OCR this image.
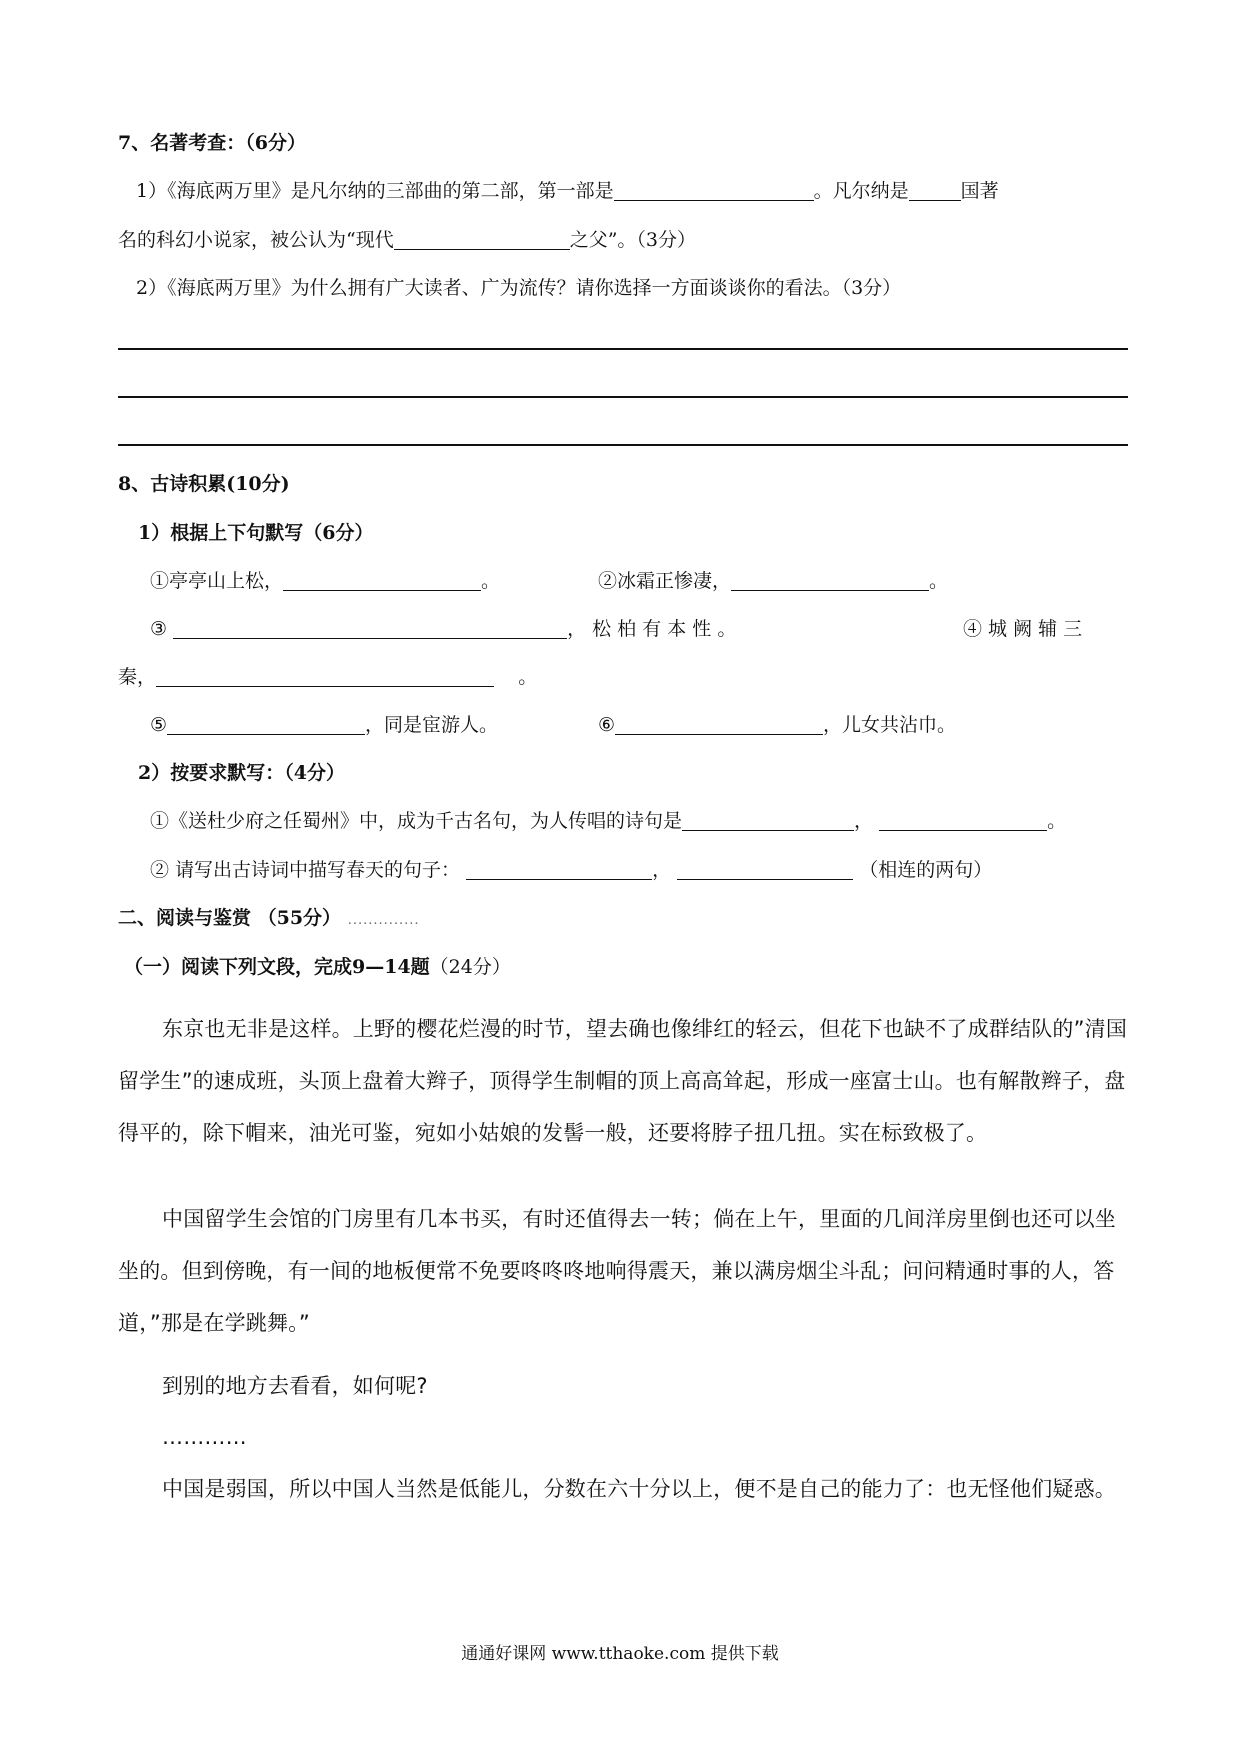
7、名著考查：（6分）
1）《海底两万里》是凡尔纳的三部曲的第二部，第一部是	。凡尔纳是	国著
名的科幻小说家，被公认为“现代	之父”。（3分）
2）《海底两万里》为什么拥有广大读者、广为流传？请你选择一方面谈谈你的看法。（3分）
8、古诗积累(10分)
1）根据上下句默写（6分）
①亭亭山上松，	。	②冰霜正惨凄，	。
③	， 松 柏 有 本 性 。	④ 城 阙 辅 三
秦，	。
⑤	，同是宦游人。	⑥	，儿女共沾巾。
2）按要求默写：（4分）
①《送杜少府之任蜀州》中，成为千古名句，为人传唱的诗句是	，	。
② 请写出古诗词中描写春天的句子：	，	（相连的两句）
二、阅读与鉴赏 （55分） ..............
（一）阅读下列文段，完成9—14题（24分）
东京也无非是这样。上野的樱花烂漫的时节，望去确也像绯红的轻云，但花下也缺不了成群结队的”清国留学生”的速成班，头顶上盘着大辫子，顶得学生制帽的顶上高高耸起，形成一座富士山。也有解散辫子，盘得平的，除下帽来，油光可鉴，宛如小姑娘的发髻一般，还要将脖子扭几扭。实在标致极了。
中国留学生会馆的门房里有几本书买，有时还值得去一转；倘在上午，里面的几间洋房里倒也还可以坐坐的。但到傍晚，有一间的地板便常不免要咚咚咚地响得震天，兼以满房烟尘斗乱；问问精通时事的人，答道，”那是在学跳舞。”
到别的地方去看看，如何呢?
…………
中国是弱国，所以中国人当然是低能儿，分数在六十分以上，便不是自己的能力了：也无怪他们疑惑。
通通好课网 www.tthaoke.com 提供下载
